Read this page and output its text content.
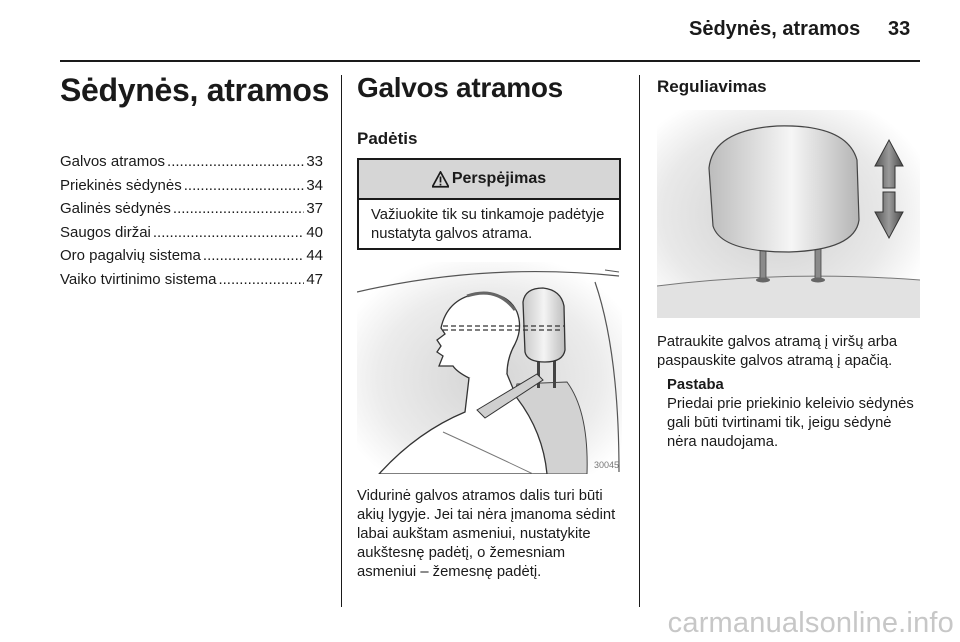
Sėdynės, atramos 33
Sėdynės, atramos
Galvos atramos .....	33
Priekinės sėdynės .....	34
Galinės sėdynės .....	37
Saugos diržai .....	40
Oro pagalvių sistema .....	44
Vaiko tvirtinimo sistema .....	47
Galvos atramos
Padėtis
Perspėjimas
Važiuokite tik su tinkamoje padėtyje nustatyta galvos atrama.
30045

Vidurinė galvos atramos dalis turi būti akių lygyje. Jei tai nėra įmanoma sėdint labai aukštam asmeniui, nustatykite aukštesnę padėtį, o žemesniam asmeniui – žemesnę padėtį.

Reguliavimas

Patraukite galvos atramą į viršų arba paspauskite galvos atramą į apačią.

Pastaba

Priedai prie priekinio keleivio sėdynės gali būti tvirtinami tik, jeigu sėdynė nėra naudojama.

carmanualsonline.info
